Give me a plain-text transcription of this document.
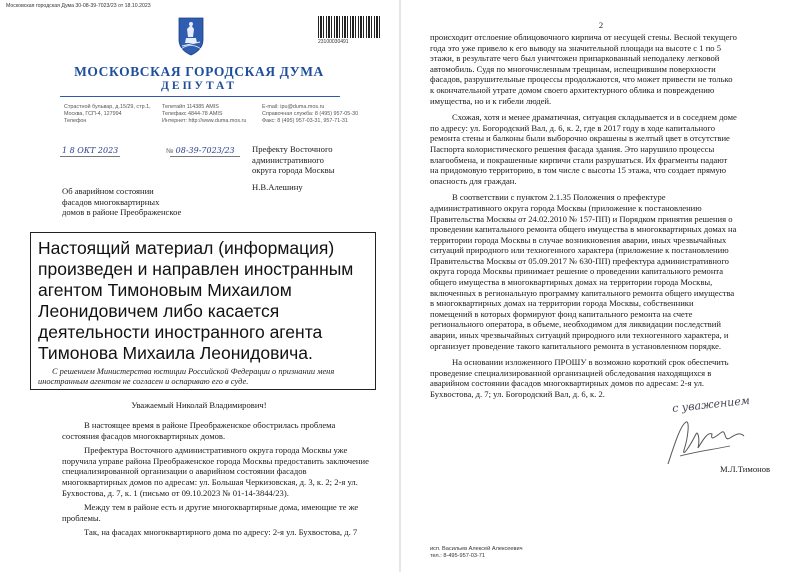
Московская городская Дума 30-08-39-7023/23 от 18.10.2023
23100030491
МОСКОВСКАЯ ГОРОДСКАЯ ДУМА
ДЕПУТАТ
Страстной бульвар, д.15/29, стр.1,
Москва, ГСП-4, 127994
Телефон
Телетайп 114385 AMIS
Телефакс 4844-78 AMIS
Интернет: http://www.duma.mos.ru
E-mail: ipu@duma.mos.ru
Справочная служба: 8 (495) 957-05-30
Факс: 8 (495) 957-03-31, 957-71-31
1 8 ОКТ 2023	№ 08-39-7023/23 Префекту Восточного
административного
округа города Москвы
Н.В.Алешину
Об аварийном состоянии
фасадов многоквартирных
домов в районе Преображенское
Настоящий материал (информация)
произведен и направлен иностранным
агентом Тимоновым Михаилом
Леонидовичем либо касается
деятельности иностранного агента
Тимонова Михаила Леонидовича.
С решением Министерства юстиции Российской Федерации о признании меня иностранным агентом не согласен и оспариваю его в суде.
Уважаемый Николай Владимирович!
В настоящее время в районе Преображенское обострилась проблема
состояния фасадов многоквартирных домов.
Префектура Восточного административного округа города Москвы уже
поручила управе района Преображенское города Москвы предоставить заключение
специализированной организации о аварийном состоянии фасадов
многоквартирных домов по адресам: ул. Большая Черкизовская, д. 3, к. 2; 2-я ул.
Бухвостова, д. 7, к. 1 (письмо от 09.10.2023 № 01-14-3844/23).
Между тем в районе есть и другие многоквартирные дома, имеющие те же
проблемы.
Так, на фасадах многоквартирного дома по адресу: 2-я ул. Бухвостова, д. 7
2
происходит отслоение облицовочного кирпича от несущей стены. Весной текущего
года это уже привело к его выводу на значительной площади на высоте с 1 по 5
этажи, в результате чего был уничтожен припаркованный неподалеку легковой
автомобиль. Судя по многочисленным трещинам, испещрившим поверхности
фасадов, разрушительные процессы продолжаются, что может привести не только
к окончательной утрате домом своего архитектурного облика и повреждению
имущества, но и к гибели людей.
Схожая, хотя и менее драматичная, ситуация складывается и в соседнем доме
по адресу: ул. Богородский Вал, д. 6, к. 2, где в 2017 году в ходе капитального
ремонта стены и балконы были выборочно окрашены в желтый цвет в отсутствие
Паспорта колористического решения фасада здания. Это нарушило процессы
влагообмена, и покрашенные кирпичи стали разрушаться. Их фрагменты падают
на придомовую территорию, в том числе с высоты 15 этажа, что создает прямую
опасность для граждан.
В соответствии с пунктом 2.1.35 Положения о префектуре
административного округа города Москвы (приложение к постановлению
Правительства Москвы от 24.02.2010 № 157-ПП) и Порядком принятия решения о
проведении капитального ремонта общего имущества в многоквартирных домах на
территории города Москвы в случае возникновения аварии, иных чрезвычайных
ситуаций природного или техногенного характера (приложение к постановлению
Правительства Москвы от 05.09.2017 № 630-ПП) префектура административного
округа города Москвы принимает решение о проведении капитального ремонта
общего имущества в многоквартирных домах на территории города Москвы,
включенных в региональную программу капитального ремонта общего имущества
в многоквартирных домах на территории города Москвы, собственники
помещений в которых формируют фонд капитального ремонта на счете
регионального оператора, в объеме, необходимом для ликвидации последствий
аварии, иных чрезвычайных ситуаций природного или техногенного характера, и
организует проведение такого капитального ремонта в установленном порядке.
На основании изложенного ПРОШУ в возможно короткий срок обеспечить
проведение специализированной организацией обследования находящихся в
аварийном состоянии фасадов многоквартирных домов по адресам: 2-я ул.
Бухвостова, д. 7; ул. Богородский Вал, д. 6, к. 2.	с уважением
М.Л.Тимонов
исп. Васильев Алексей Алексеевич
тел.: 8-495-957-03-71
